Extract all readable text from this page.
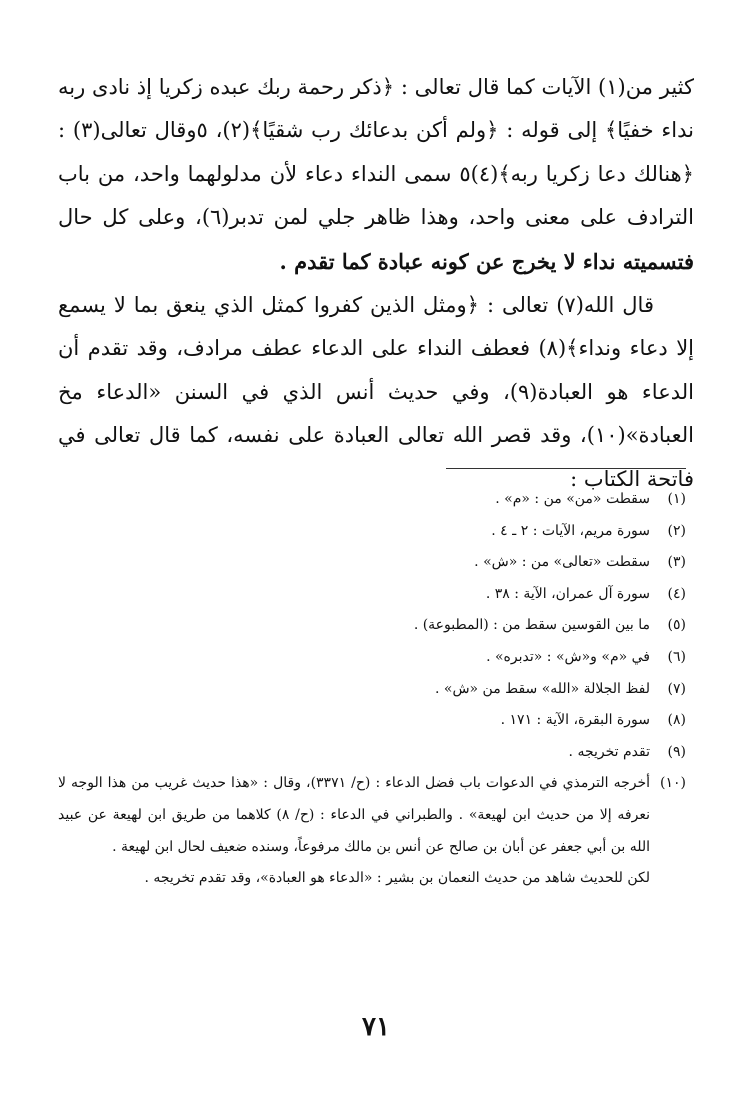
كثير من(١) الآيات كما قال تعالى : ﴿ذكر رحمة ربك عبده زكريا إذ نادى ربه نداء خفيًا﴾ إلى قوله : ﴿ولم أكن بدعائك رب شقيًا﴾(٢)، ٥وقال تعالى(٣) : ﴿هنالك دعا زكريا ربه﴾(٤)٥ سمى النداء دعاء لأن مدلولهما واحد، من باب الترادف على معنى واحد، وهذا ظاهر جلي لمن تدبر(٦)، وعلى كل حال فتسميته نداء لا يخرج عن كونه عبادة كما تقدم .

قال الله(٧) تعالى : ﴿ومثل الذين كفروا كمثل الذي ينعق بما لا يسمع إلا دعاء ونداء﴾(٨) فعطف النداء على الدعاء عطف مرادف، وقد تقدم أن الدعاء هو العبادة(٩)، وفي حديث أنس الذي في السنن «الدعاء مخ العبادة»(١٠)، وقد قصر الله تعالى العبادة على نفسه، كما قال تعالى في فاتحة الكتاب :

(١)

سقطت «من» من : «م» .

(٢)

سورة مريم، الآيات : ٢ ـ ٤ .

(٣)

سقطت «تعالى» من : «ش» .

(٤)

سورة آل عمران، الآية : ٣٨ .

(٥)

ما بين القوسين سقط من : (المطبوعة) .

(٦)

في «م» و«ش» : «تدبره» .

(٧)

لفظ الجلالة «الله» سقط من «ش» .

(٨)

سورة البقرة، الآية : ١٧١ .

(٩)

تقدم تخريجه .

(١٠)

أخرجه الترمذي في الدعوات باب فضل الدعاء : (ح/ ٣٣٧١)، وقال : «هذا حديث غريب من هذا الوجه لا نعرفه إلا من حديث ابن لهيعة» . والطبراني في الدعاء : (ح/ ٨) كلاهما من طريق ابن لهيعة عن عبيد الله بن أبي جعفر عن أبان بن صالح عن أنس بن مالك مرفوعاً، وسنده ضعيف لحال ابن لهيعة .

لكن للحديث شاهد من حديث النعمان بن بشير : «الدعاء هو العبادة»، وقد تقدم تخريجه .

٧١
